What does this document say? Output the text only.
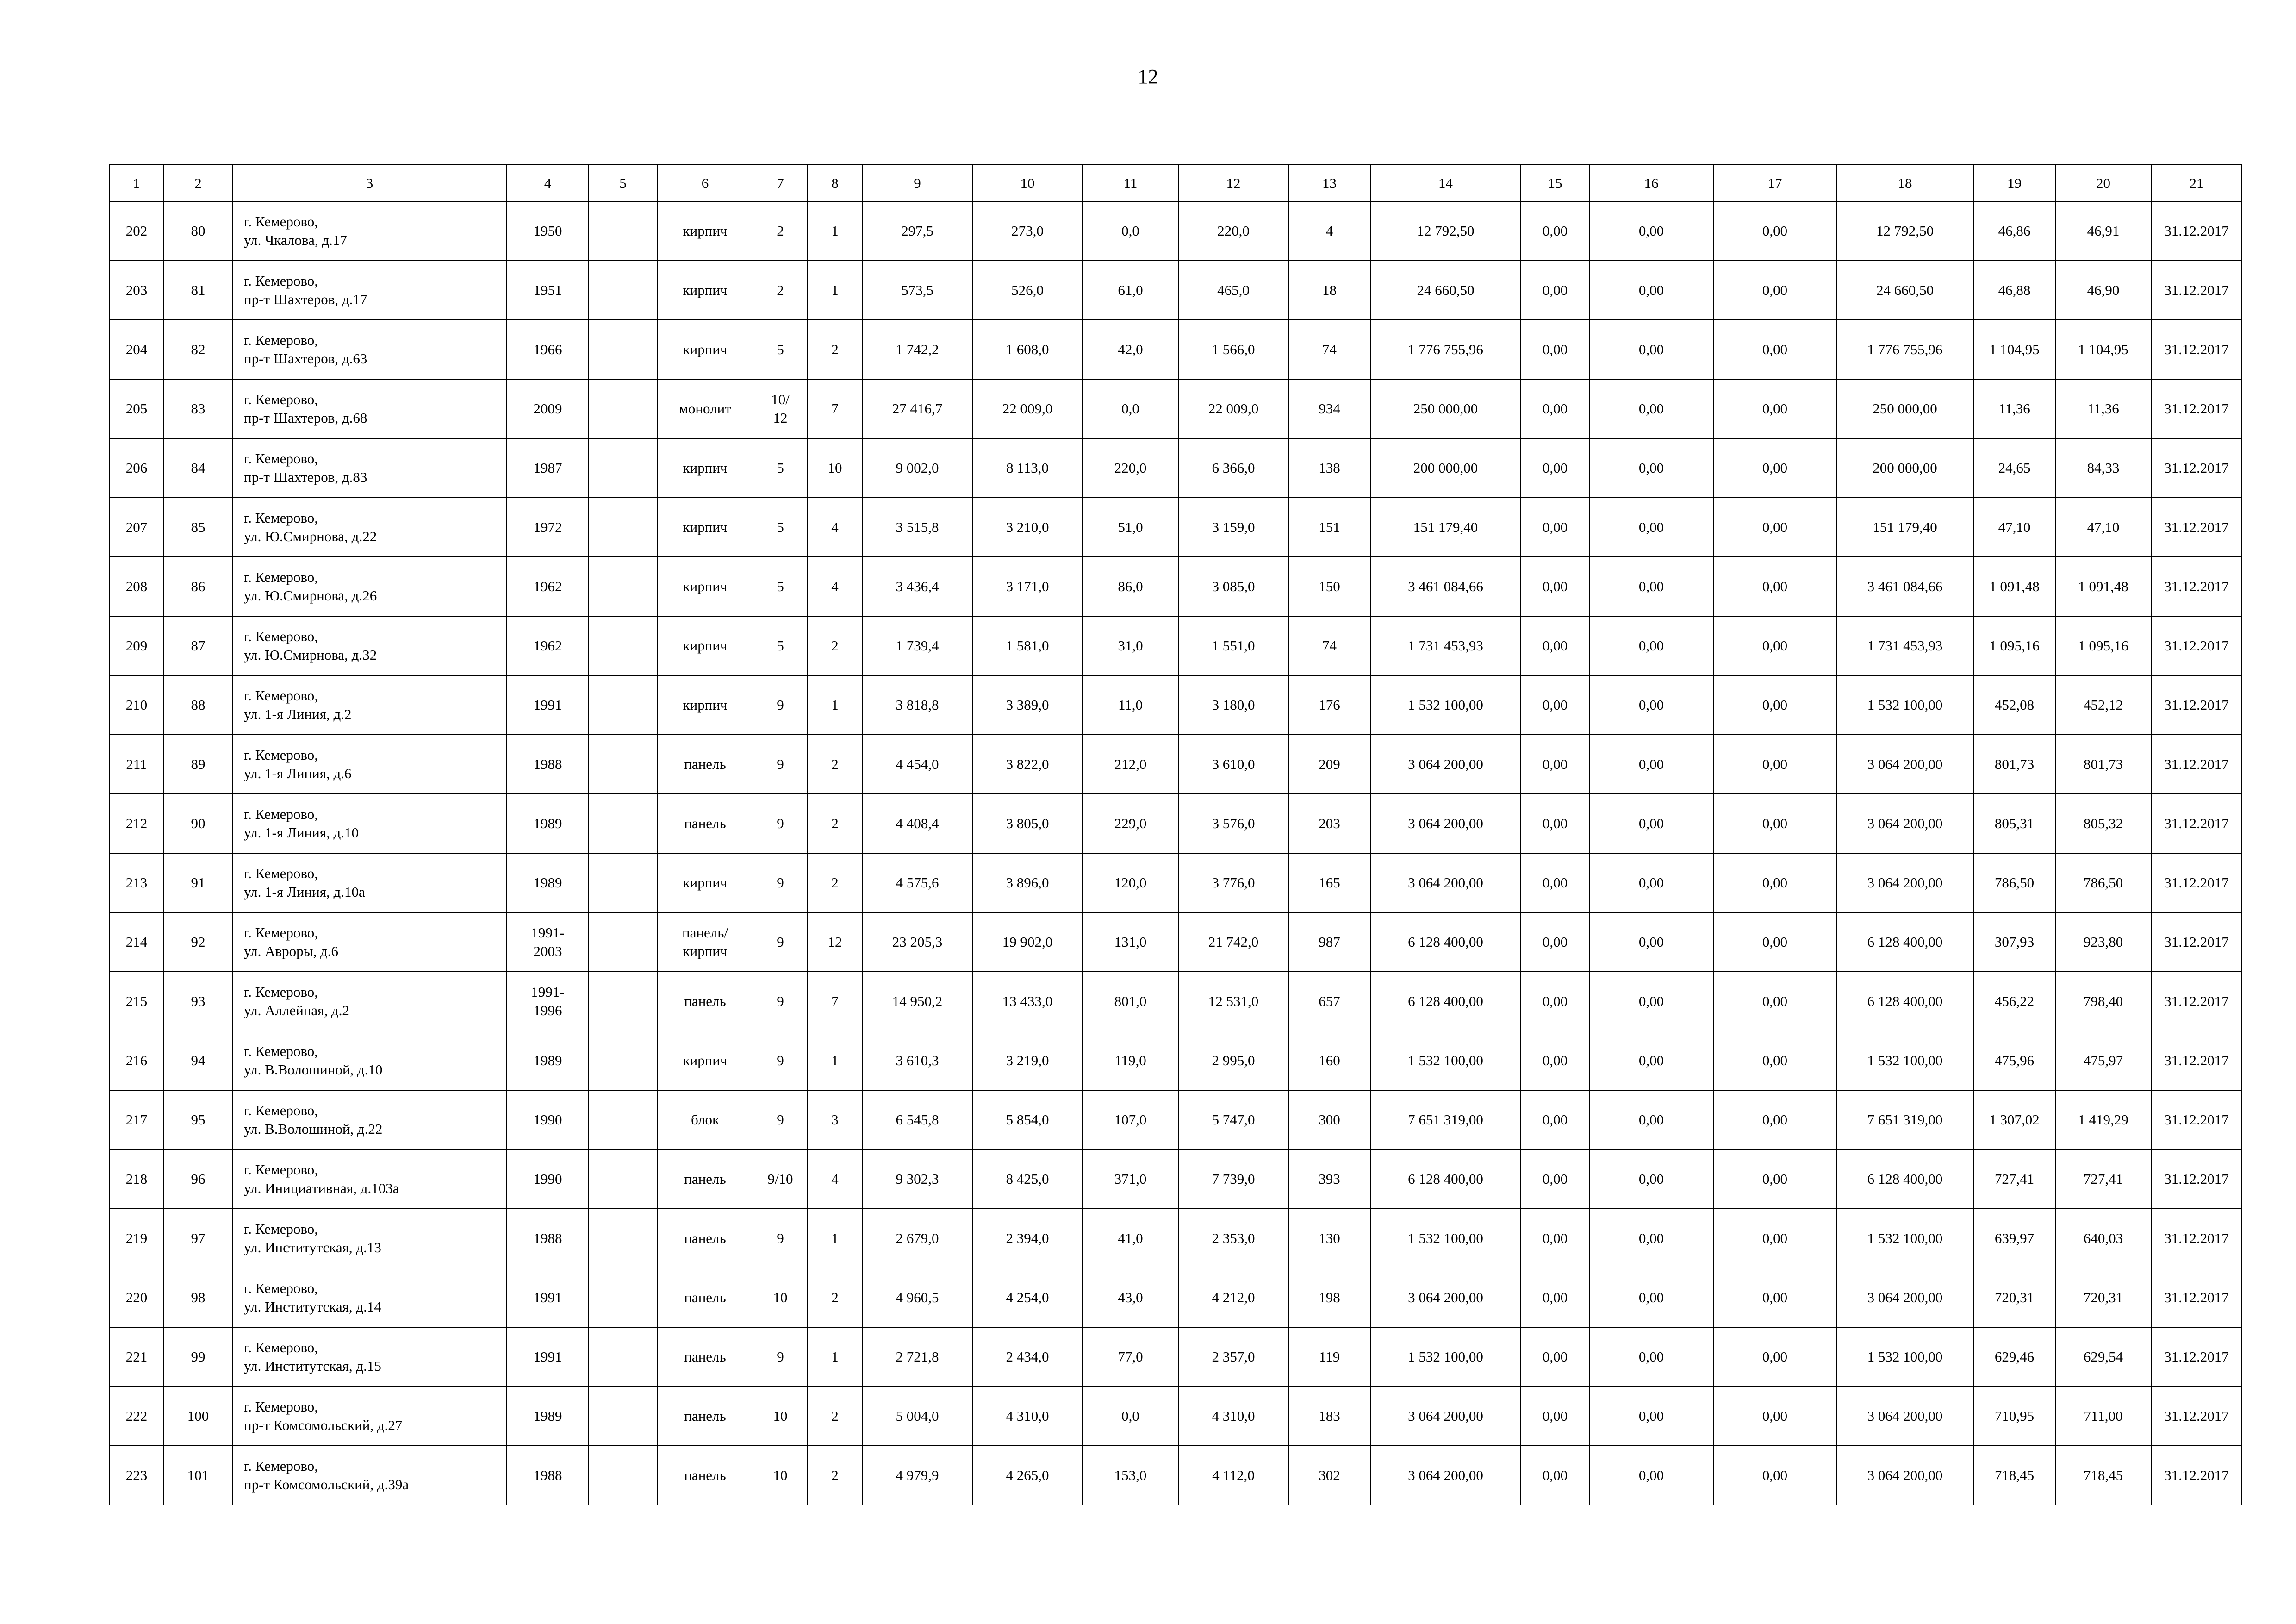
12
1	2	3	4	5	6	7	8	9	10	11	12	13	14	15	16	17	18	19	20	21
202	80	г. Кемерово,
ул. Чкалова, д.17	1950		кирпич	2	1	297,5	273,0	0,0	220,0	4	12 792,50	0,00	0,00	0,00	12 792,50	46,86	46,91	31.12.2017
203	81	г. Кемерово,
пр-т Шахтеров, д.17	1951		кирпич	2	1	573,5	526,0	61,0	465,0	18	24 660,50	0,00	0,00	0,00	24 660,50	46,88	46,90	31.12.2017
204	82	г. Кемерово,
пр-т Шахтеров, д.63	1966		кирпич	5	2	1 742,2	1 608,0	42,0	1 566,0	74	1 776 755,96	0,00	0,00	0,00	1 776 755,96	1 104,95	1 104,95	31.12.2017
205	83	г. Кемерово,
пр-т Шахтеров, д.68	2009		монолит	10/
12	7	27 416,7	22 009,0	0,0	22 009,0	934	250 000,00	0,00	0,00	0,00	250 000,00	11,36	11,36	31.12.2017
206	84	г. Кемерово,
пр-т Шахтеров, д.83	1987		кирпич	5	10	9 002,0	8 113,0	220,0	6 366,0	138	200 000,00	0,00	0,00	0,00	200 000,00	24,65	84,33	31.12.2017
207	85	г. Кемерово,
ул. Ю.Смирнова, д.22	1972		кирпич	5	4	3 515,8	3 210,0	51,0	3 159,0	151	151 179,40	0,00	0,00	0,00	151 179,40	47,10	47,10	31.12.2017
208	86	г. Кемерово,
ул. Ю.Смирнова, д.26	1962		кирпич	5	4	3 436,4	3 171,0	86,0	3 085,0	150	3 461 084,66	0,00	0,00	0,00	3 461 084,66	1 091,48	1 091,48	31.12.2017
209	87	г. Кемерово,
ул. Ю.Смирнова, д.32	1962		кирпич	5	2	1 739,4	1 581,0	31,0	1 551,0	74	1 731 453,93	0,00	0,00	0,00	1 731 453,93	1 095,16	1 095,16	31.12.2017
210	88	г. Кемерово,
ул. 1-я Линия, д.2	1991		кирпич	9	1	3 818,8	3 389,0	11,0	3 180,0	176	1 532 100,00	0,00	0,00	0,00	1 532 100,00	452,08	452,12	31.12.2017
211	89	г. Кемерово,
ул. 1-я Линия, д.6	1988		панель	9	2	4 454,0	3 822,0	212,0	3 610,0	209	3 064 200,00	0,00	0,00	0,00	3 064 200,00	801,73	801,73	31.12.2017
212	90	г. Кемерово,
ул. 1-я Линия, д.10	1989		панель	9	2	4 408,4	3 805,0	229,0	3 576,0	203	3 064 200,00	0,00	0,00	0,00	3 064 200,00	805,31	805,32	31.12.2017
213	91	г. Кемерово,
ул. 1-я Линия, д.10а	1989		кирпич	9	2	4 575,6	3 896,0	120,0	3 776,0	165	3 064 200,00	0,00	0,00	0,00	3 064 200,00	786,50	786,50	31.12.2017
214	92	г. Кемерово,
ул. Авроры, д.6	1991-
2003		панель/
кирпич	9	12	23 205,3	19 902,0	131,0	21 742,0	987	6 128 400,00	0,00	0,00	0,00	6 128 400,00	307,93	923,80	31.12.2017
215	93	г. Кемерово,
ул. Аллейная, д.2	1991-
1996		панель	9	7	14 950,2	13 433,0	801,0	12 531,0	657	6 128 400,00	0,00	0,00	0,00	6 128 400,00	456,22	798,40	31.12.2017
216	94	г. Кемерово,
ул. В.Волошиной, д.10	1989		кирпич	9	1	3 610,3	3 219,0	119,0	2 995,0	160	1 532 100,00	0,00	0,00	0,00	1 532 100,00	475,96	475,97	31.12.2017
217	95	г. Кемерово,
ул. В.Волошиной, д.22	1990		блок	9	3	6 545,8	5 854,0	107,0	5 747,0	300	7 651 319,00	0,00	0,00	0,00	7 651 319,00	1 307,02	1 419,29	31.12.2017
218	96	г. Кемерово,
ул. Инициативная, д.103а	1990		панель	9/10	4	9 302,3	8 425,0	371,0	7 739,0	393	6 128 400,00	0,00	0,00	0,00	6 128 400,00	727,41	727,41	31.12.2017
219	97	г. Кемерово,
ул. Институтская, д.13	1988		панель	9	1	2 679,0	2 394,0	41,0	2 353,0	130	1 532 100,00	0,00	0,00	0,00	1 532 100,00	639,97	640,03	31.12.2017
220	98	г. Кемерово,
ул. Институтская, д.14	1991		панель	10	2	4 960,5	4 254,0	43,0	4 212,0	198	3 064 200,00	0,00	0,00	0,00	3 064 200,00	720,31	720,31	31.12.2017
221	99	г. Кемерово,
ул. Институтская, д.15	1991		панель	9	1	2 721,8	2 434,0	77,0	2 357,0	119	1 532 100,00	0,00	0,00	0,00	1 532 100,00	629,46	629,54	31.12.2017
222	100	г. Кемерово,
пр-т Комсомольский, д.27	1989		панель	10	2	5 004,0	4 310,0	0,0	4 310,0	183	3 064 200,00	0,00	0,00	0,00	3 064 200,00	710,95	711,00	31.12.2017
223	101	г. Кемерово,
пр-т Комсомольский, д.39а	1988		панель	10	2	4 979,9	4 265,0	153,0	4 112,0	302	3 064 200,00	0,00	0,00	0,00	3 064 200,00	718,45	718,45	31.12.2017
